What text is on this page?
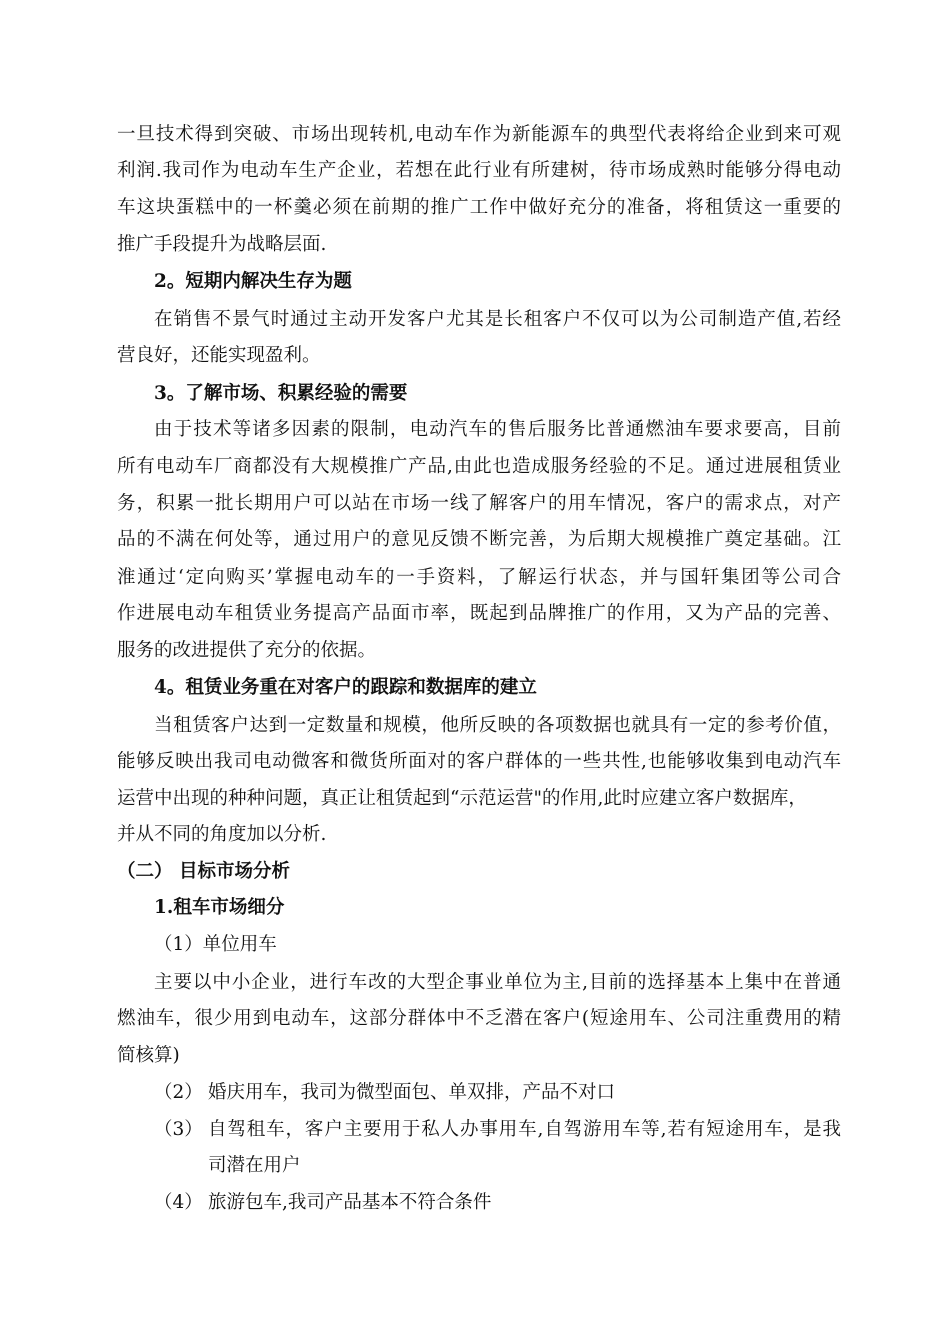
一旦技术得到突破、市场出现转机,电动车作为新能源车的典型代表将给企业到来可观
利润.我司作为电动车生产企业，若想在此行业有所建树，待市场成熟时能够分得电动
车这块蛋糕中的一杯羹必须在前期的推广工作中做好充分的准备，将租赁这一重要的
推广手段提升为战略层面.
2。短期内解决生存为题
在销售不景气时通过主动开发客户尤其是长租客户不仅可以为公司制造产值,若经
营良好，还能实现盈利。
3。了解市场、积累经验的需要
由于技术等诸多因素的限制，电动汽车的售后服务比普通燃油车要求要高，目前
所有电动车厂商都没有大规模推广产品,由此也造成服务经验的不足。通过进展租赁业
务，积累一批长期用户可以站在市场一线了解客户的用车情况，客户的需求点，对产
品的不满在何处等，通过用户的意见反馈不断完善，为后期大规模推广奠定基础。江
淮通过‘定向购买’掌握电动车的一手资料，了解运行状态，并与国轩集团等公司合
作进展电动车租赁业务提高产品面市率，既起到品牌推广的作用，又为产品的完善、
服务的改进提供了充分的依据。
4。租赁业务重在对客户的跟踪和数据库的建立
当租赁客户达到一定数量和规模，他所反映的各项数据也就具有一定的参考价值，
能够反映出我司电动微客和微货所面对的客户群体的一些共性,也能够收集到电动汽车
运营中出现的种种问题，真正让租赁起到“示范运营"的作用,此时应建立客户数据库，
并从不同的角度加以分析.
（二） 目标市场分析
1.租车市场细分
（1）单位用车
主要以中小企业，进行车改的大型企事业单位为主,目前的选择基本上集中在普通
燃油车，很少用到电动车，这部分群体中不乏潜在客户(短途用车、公司注重费用的精
简核算)
（2） 婚庆用车，我司为微型面包、单双排，产品不对口
（3） 自驾租车，客户主要用于私人办事用车,自驾游用车等,若有短途用车，是我
司潜在用户
（4） 旅游包车,我司产品基本不符合条件
